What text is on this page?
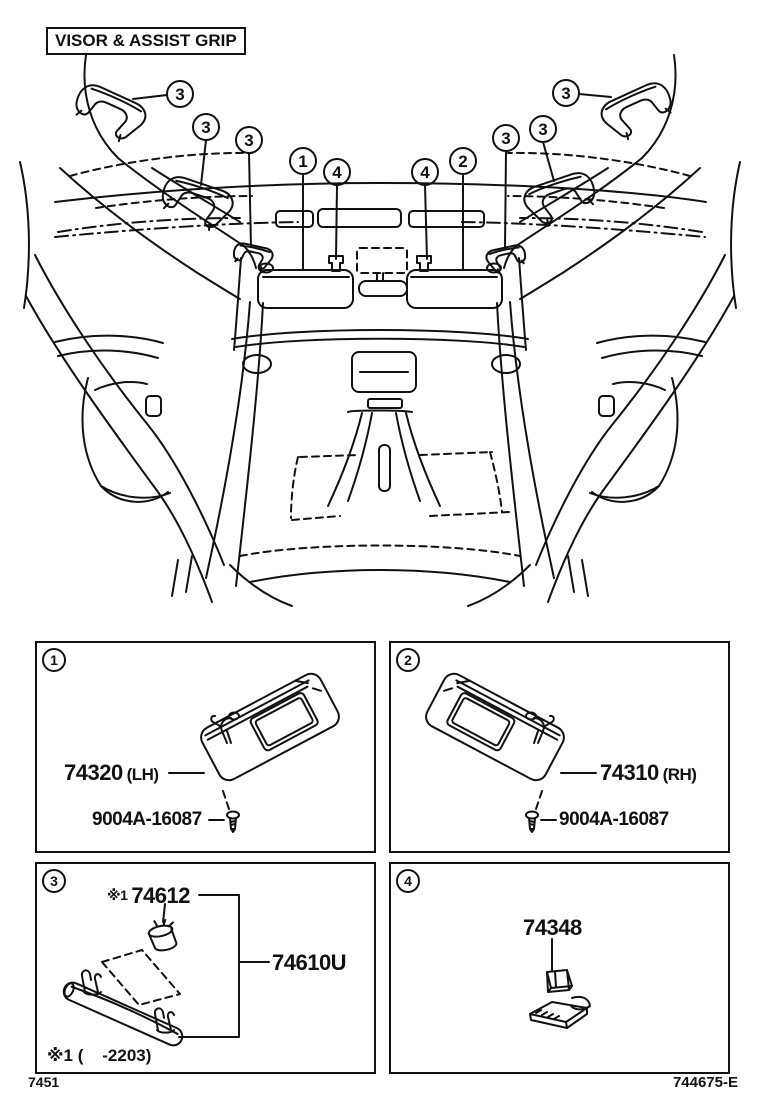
VISOR & ASSIST GRIP
3
3
3
1
4	4
2
3 3
3
1
74320  (LH)
9004A-16087
2
74310  (RH)
9004A-16087
3
※1  74612
74610U
※1 (    -2203)
4
74348
7451	744675-E
